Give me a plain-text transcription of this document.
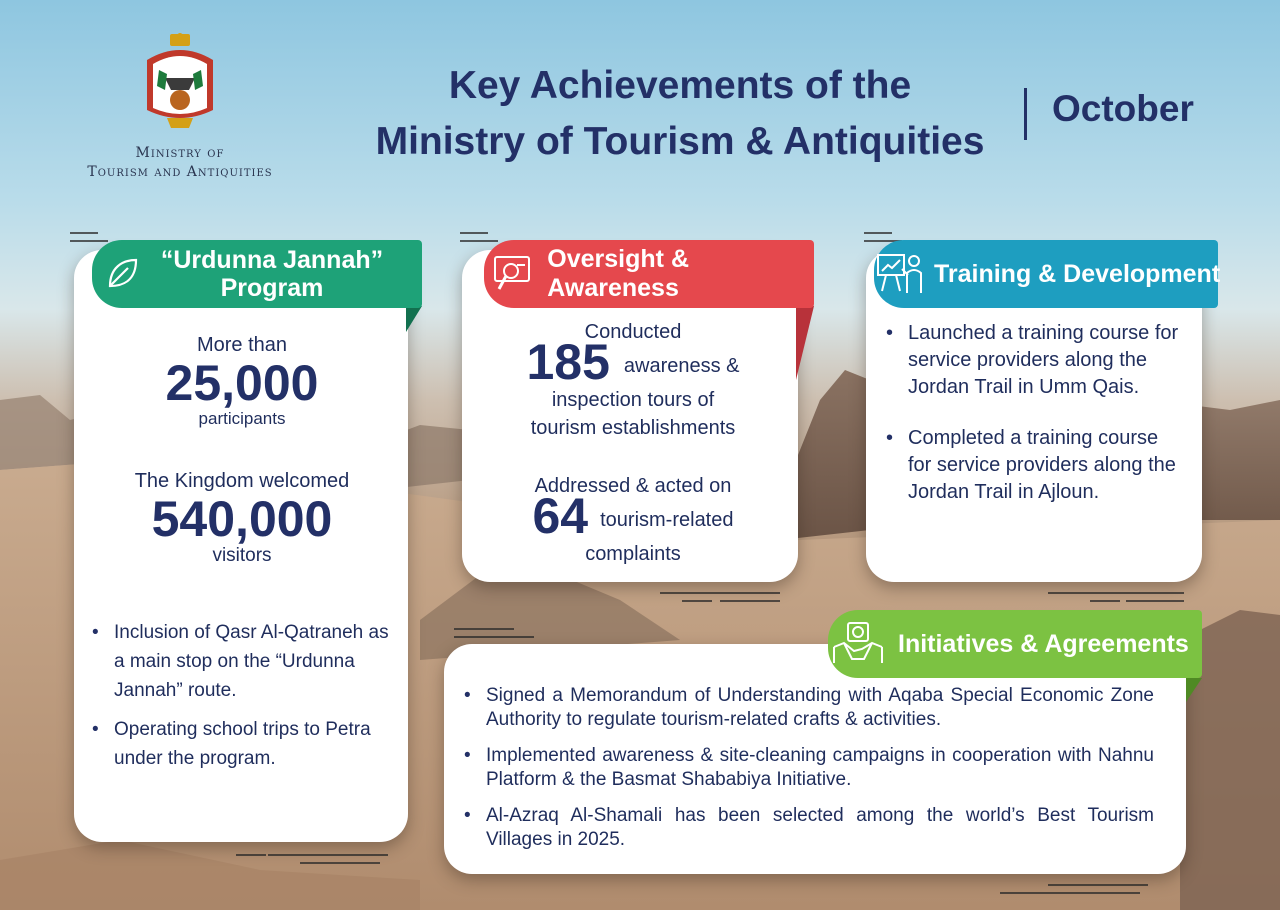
Ministry of
Tourism and Antiquities
Key Achievements of the
Ministry of Tourism & Antiquities
October
“Urdunna Jannah”
Program
More than
25,000
participants
The Kingdom welcomed
540,000
visitors
• Inclusion of Qasr Al-Qatraneh as a main stop on the “Urdunna Jannah” route.
• Operating school trips to Petra under the program.
Oversight & Awareness
Conducted
185 awareness &
inspection tours of
tourism establishments
Addressed & acted on
64 tourism-related
complaints
Training & Development
• Launched a training course for service providers along the Jordan Trail in Umm Qais.
• Completed a training course for service providers along the Jordan Trail in Ajloun.
Initiatives & Agreements
• Signed a Memorandum of Understanding with Aqaba Special Economic Zone Authority to regulate tourism-related crafts & activities.
• Implemented awareness & site-cleaning campaigns in cooperation with Nahnu Platform & the Basmat Shababiya Initiative.
• Al-Azraq Al-Shamali has been selected among the world’s Best Tourism Villages in 2025.
